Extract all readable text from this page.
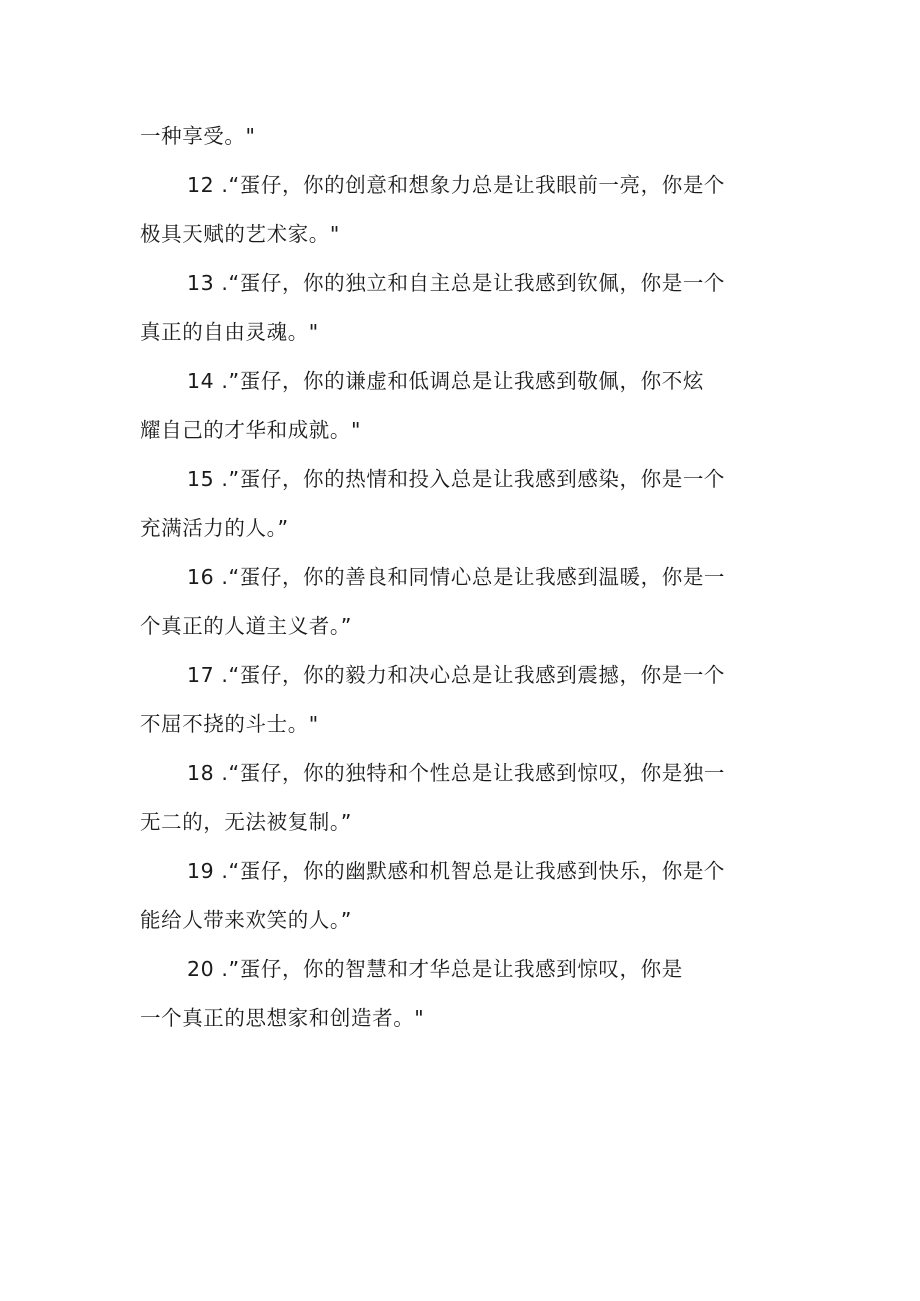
一种享受。"
12 .“蛋仔，你的创意和想象力总是让我眼前一亮，你是个
极具天赋的艺术家。"
13 .“蛋仔，你的独立和自主总是让我感到钦佩，你是一个
真正的自由灵魂。"
14 .”蛋仔，你的谦虚和低调总是让我感到敬佩，你不炫
耀自己的才华和成就。"
15 .”蛋仔，你的热情和投入总是让我感到感染，你是一个
充满活力的人。”
16 .“蛋仔，你的善良和同情心总是让我感到温暖，你是一
个真正的人道主义者。”
17 .“蛋仔，你的毅力和决心总是让我感到震撼，你是一个
不屈不挠的斗士。"
18 .“蛋仔，你的独特和个性总是让我感到惊叹，你是独一
无二的，无法被复制。”
19 .“蛋仔，你的幽默感和机智总是让我感到快乐，你是个
能给人带来欢笑的人。”
20 .”蛋仔，你的智慧和才华总是让我感到惊叹，你是
一个真正的思想家和创造者。"
